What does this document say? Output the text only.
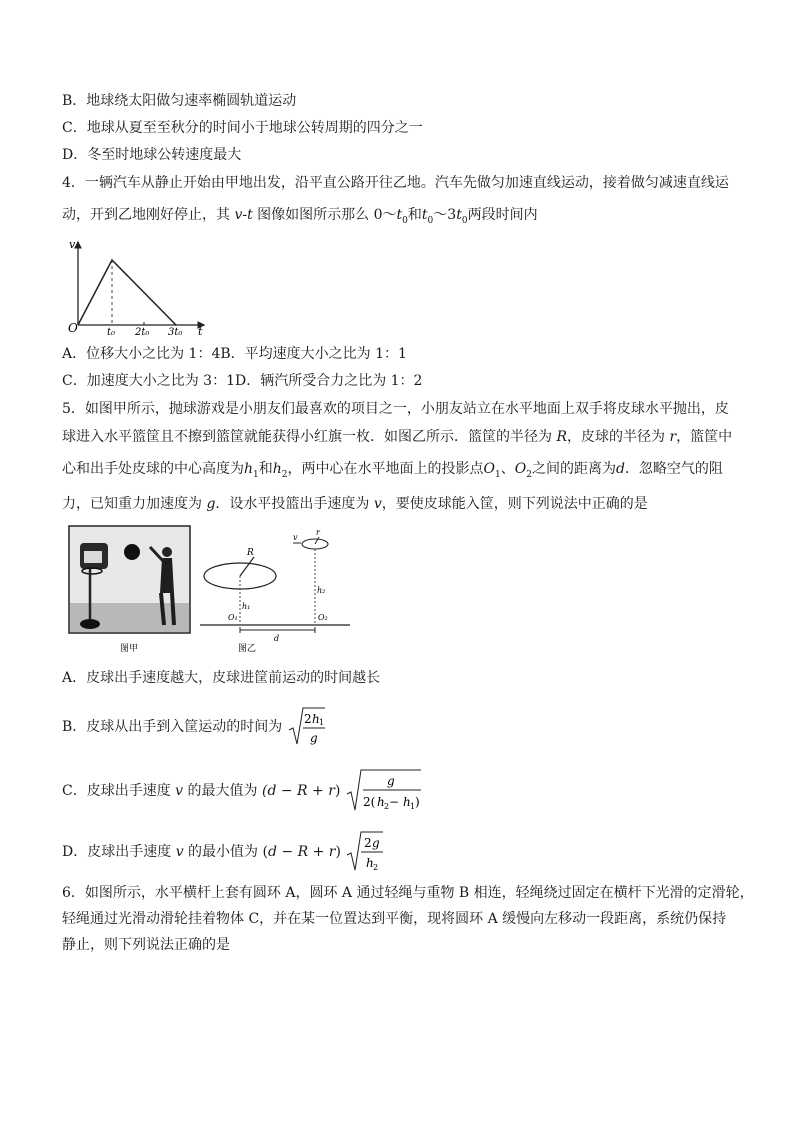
B．地球绕太阳做匀速率椭圆轨道运动
C．地球从夏至至秋分的时间小于地球公转周期的四分之一
D．冬至时地球公转速度最大
4．一辆汽车从静止开始由甲地出发，沿平直公路开往乙地。汽车先做匀加速直线运动，接着做匀减速直线运
动，开到乙地刚好停止，其 v-t 图像如图所示那么 $0\sim t_0$和$t_0\sim 3t_0$两段时间内
v
O	t
t₀ 2t₀ 3t₀
A．位移大小之比为 1：4B．平均速度大小之比为 1：1
C．加速度大小之比为 3：1D．辆汽所受合力之比为 1：2
5．如图甲所示，抛球游戏是小朋友们最喜欢的项目之一，小朋友站立在水平地面上双手将皮球水平抛出，皮
球进入水平篮筐且不擦到篮筐就能获得小红旗一枚．如图乙所示．篮筐的半径为 R，皮球的半径为 r，篮筐中
心和出手处皮球的中心高度为$h_1$和$h_2$，两中心在水平地面上的投影点$O_1$、$O_2$之间的距离为d．忽略空气的阻
力，已知重力加速度为 g．设水平投篮出手速度为 v，要使皮球能入筐，则下列说法中正确的是
图甲
R
h₁
r
v
h₂
O₁	O₂
d
图乙
A．皮球出手速度越大，皮球进筐前运动的时间越长
B．皮球从出手到入筐运动的时间为 2 h 1
g
C．皮球出手速度 v 的最大值为 (d − R + r)
g
2( h 2 − h 1 )
D．皮球出手速度 v 的最小值为 (d − R + r)
2 g
h 2
6．如图所示，水平横杆上套有圆环 A，圆环 A 通过轻绳与重物 B 相连，轻绳绕过固定在横杆下光滑的定滑轮，
轻绳通过光滑动滑轮挂着物体 C，并在某一位置达到平衡，现将圆环 A 缓慢向左移动一段距离，系统仍保持
静止，则下列说法正确的是
